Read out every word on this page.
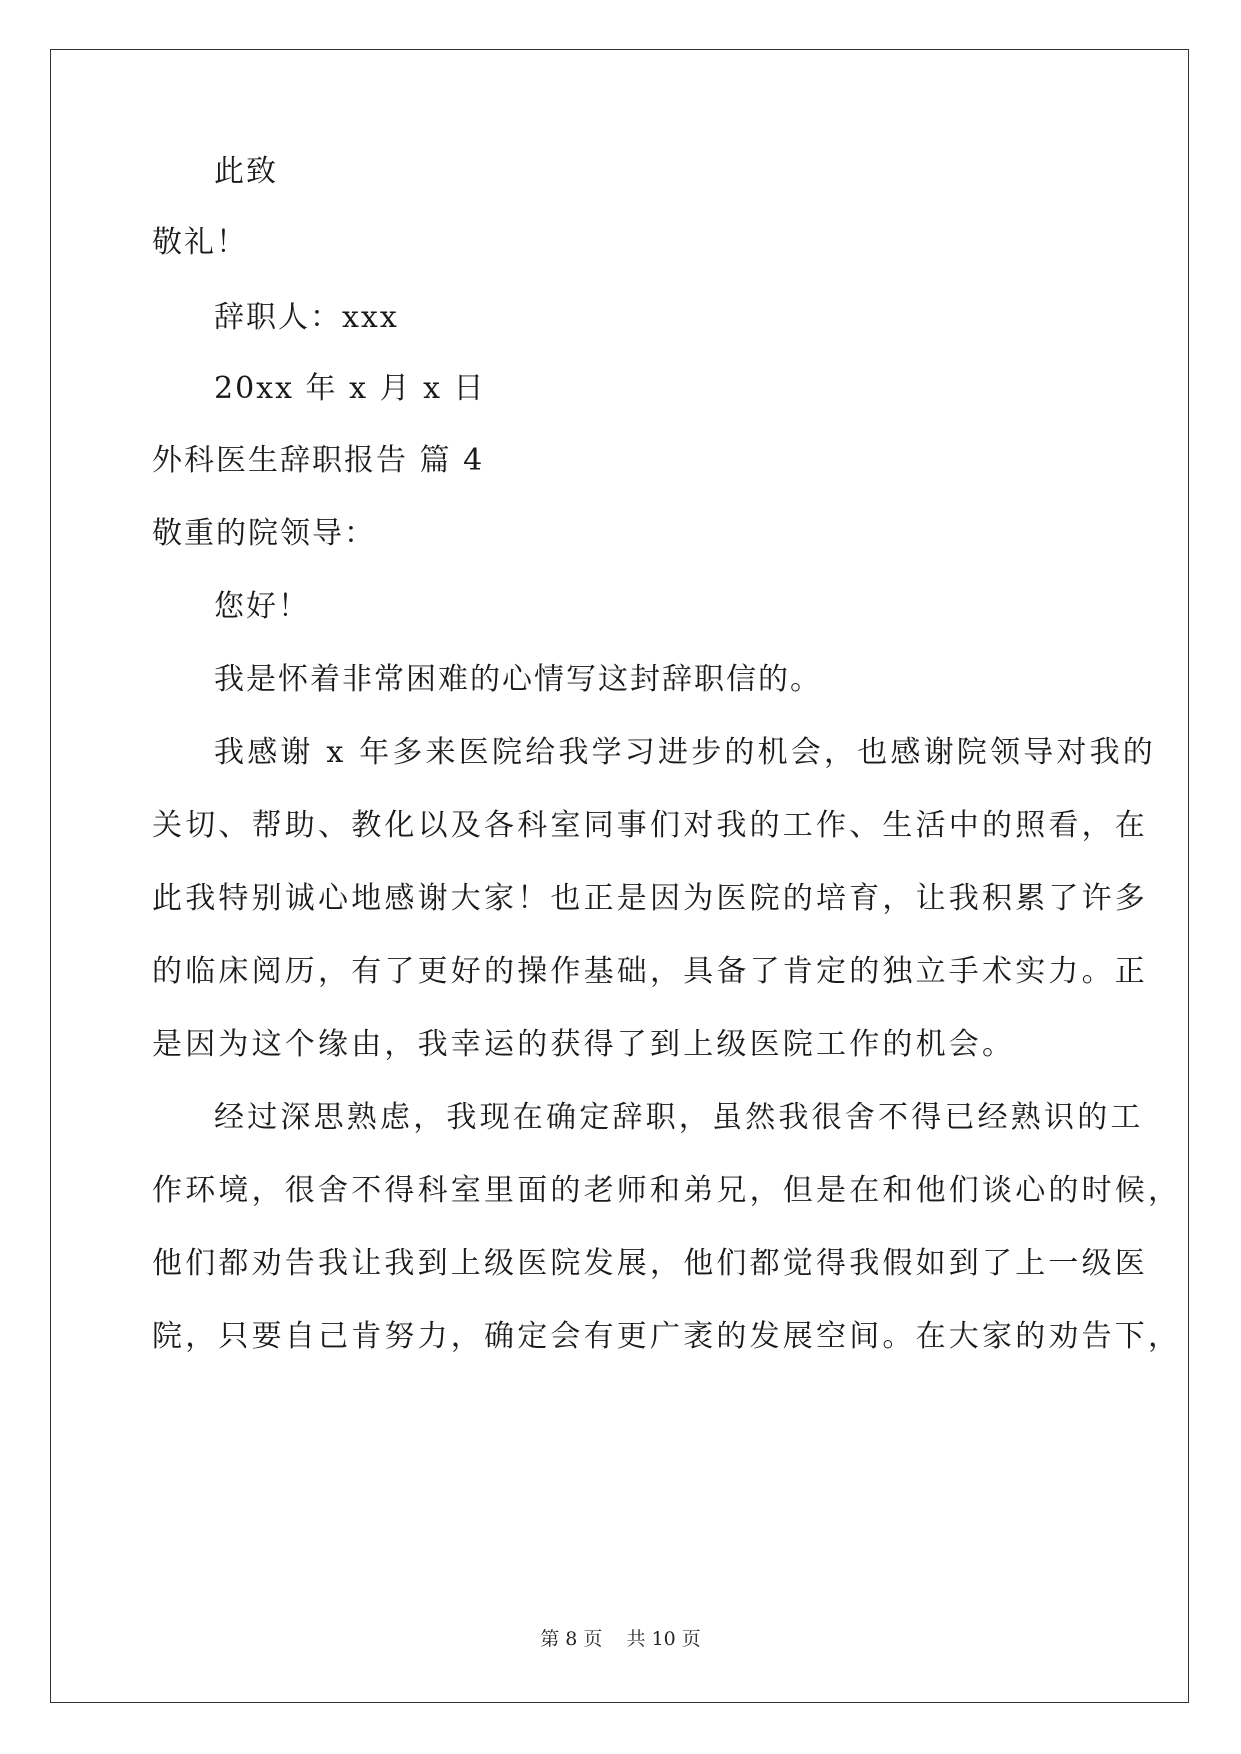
此致
敬礼！
辞职人：xxx
20xx 年 x 月 x 日
外科医生辞职报告 篇 4
敬重的院领导：
您好！
我是怀着非常困难的心情写这封辞职信的。
我感谢 x 年多来医院给我学习进步的机会，也感谢院领导对我的
关切、帮助、教化以及各科室同事们对我的工作、生活中的照看，在
此我特别诚心地感谢大家！也正是因为医院的培育，让我积累了许多
的临床阅历，有了更好的操作基础，具备了肯定的独立手术实力。正
是因为这个缘由，我幸运的获得了到上级医院工作的机会。
经过深思熟虑，我现在确定辞职，虽然我很舍不得已经熟识的工
作环境，很舍不得科室里面的老师和弟兄，但是在和他们谈心的时候，
他们都劝告我让我到上级医院发展，他们都觉得我假如到了上一级医
院，只要自己肯努力，确定会有更广袤的发展空间。在大家的劝告下，
第 8 页    共 10 页
